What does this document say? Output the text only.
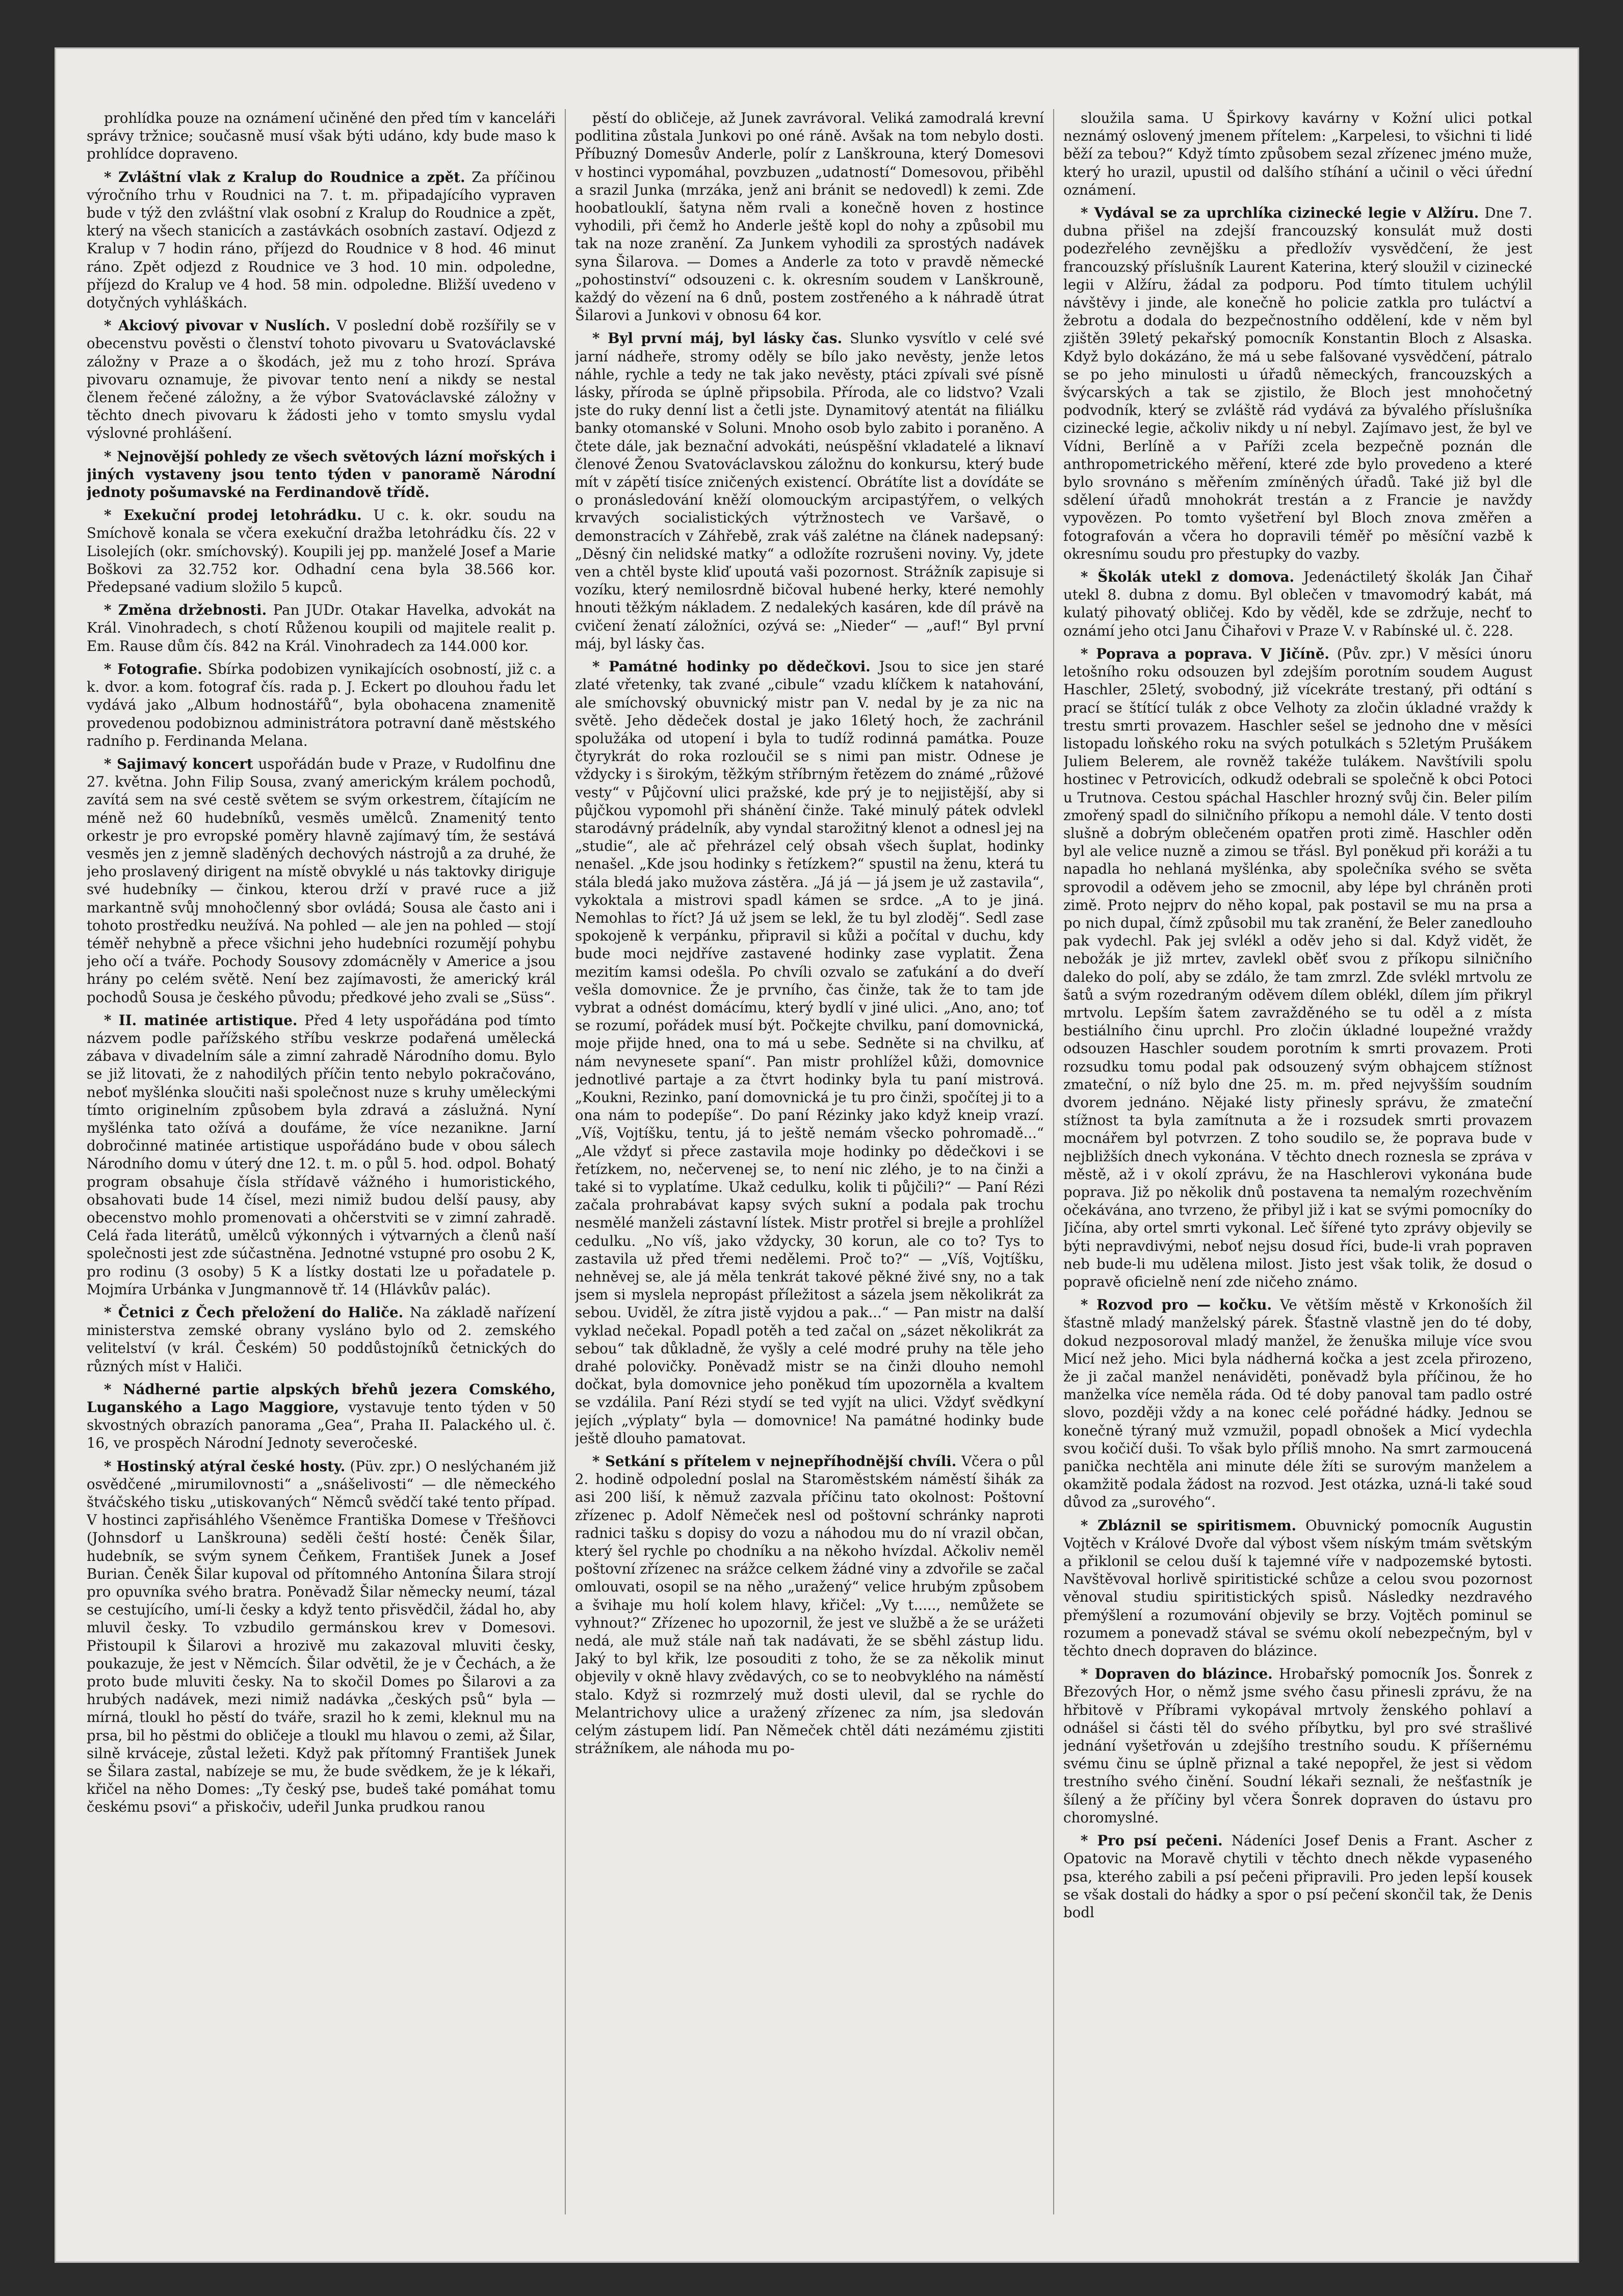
prohlídka pouze na oznámení učiněné den před tím v kanceláři správy tržnice; současně musí však býti udáno, kdy bude maso k prohlídce dopraveno.

* Zvláštní vlak z Kralup do Roudnice a zpět. Za příčinou výročního trhu v Roudnici na 7. t. m. připadajícího vypraven bude v týž den zvláštní vlak osobní z Kralup do Roudnice a zpět, který na všech stanicích a zastávkách osobních zastaví. Odjezd z Kralup v 7 hodin ráno, příjezd do Roudnice v 8 hod. 46 minut ráno. Zpět odjezd z Roudnice ve 3 hod. 10 min. odpoledne, příjezd do Kralup ve 4 hod. 58 min. odpoledne. Bližší uvedeno v dotyčných vyhláškách.

* Akciový pivovar v Nuslích. V poslední době rozšířily se v obecenstvu pověsti o členství tohoto pivovaru u Svatováclavské záložny v Praze a o škodách, jež mu z toho hrozí. Správa pivovaru oznamuje, že pivovar tento není a nikdy se nestal členem řečené záložny, a že výbor Svatováclavské záložny v těchto dnech pivovaru k žádosti jeho v tomto smyslu vydal výslovné prohlášení.

* Nejnovější pohledy ze všech světových lázní mořských i jiných vystaveny jsou tento týden v panoramě Národní jednoty pošumavské na Ferdinandově třídě.

* Exekuční prodej letohrádku. U c. k. okr. soudu na Smíchově konala se včera exekuční dražba letohrádku čís. 22 v Lisolejích (okr. smíchovský). Koupili jej pp. manželé Josef a Marie Boškovi za 32.752 kor. Odhadní cena byla 38.566 kor. Předepsané vadium složilo 5 kupců.

* Změna držebnosti. Pan JUDr. Otakar Havelka, advokát na Král. Vinohradech, s chotí Růženou koupili od majitele realit p. Em. Rause dům čís. 842 na Král. Vinohradech za 144.000 kor.

* Fotografie. Sbírka podobizen vynikajících osobností, již c. a k. dvor. a kom. fotograf čís. rada p. J. Eckert po dlouhou řadu let vydává jako „Album hodnostářů“, byla obohacena znamenitě provedenou podobiznou administrátora potravní daně městského radního p. Ferdinanda Melana.

* Sajimavý koncert uspořádán bude v Praze, v Rudolfinu dne 27. května. John Filip Sousa, zvaný americkým králem pochodů, zavítá sem na své cestě světem se svým orkestrem, čítajícím ne méně než 60 hudebníků, vesměs umělců. Znamenitý tento orkestr je pro evropské poměry hlavně zajímavý tím, že sestává vesměs jen z jemně sladěných dechových nástrojů a za druhé, že jeho proslavený dirigent na místě obvyklé u nás taktovky diriguje své hudebníky — činkou, kterou drží v pravé ruce a již markantně svůj mnohočlenný sbor ovládá; Sousa ale často ani i tohoto prostředku neužívá. Na pohled — ale jen na pohled — stojí téměř nehybně a přece všichni jeho hudebníci rozumějí pohybu jeho očí a tváře. Pochody Sousovy zdomácněly v Americe a jsou hrány po celém světě. Není bez zajímavosti, že americký král pochodů Sousa je českého původu; předkové jeho zvali se „Süss“.

* II. matinée artistique. Před 4 lety uspořádána pod tímto názvem podle pařížského stříbu veskrze podařená umělecká zábava v divadelním sále a zimní zahradě Národního domu. Bylo se již litovati, že z nahodilých příčin tento nebylo pokračováno, neboť myšlénka sloučiti naši společnost nuze s kruhy uměleckými tímto originelním způsobem byla zdravá a záslužná. Nyní myšlénka tato ožívá a doufáme, že více nezanikne. Jarní dobročinné matinée artistique uspořádáno bude v obou sálech Národního domu v úterý dne 12. t. m. o půl 5. hod. odpol. Bohatý program obsahuje čísla střídavě vážného i humoristického, obsahovati bude 14 čísel, mezi nimiž budou delší pausy, aby obecenstvo mohlo promenovati a ohčerstviti se v zimní zahradě. Celá řada literátů, umělců výkonných i výtvarných a členů naší společnosti jest zde súčastněna. Jednotné vstupné pro osobu 2 K, pro rodinu (3 osoby) 5 K a lístky dostati lze u pořadatele p. Mojmíra Urbánka v Jungmannově tř. 14 (Hlávkův palác).

* Četnici z Čech přeložení do Haliče. Na základě nařízení ministerstva zemské obrany vysláno bylo od 2. zemského velitelství (v král. Českém) 50 poddůstojníků četnických do různých míst v Haliči.

* Nádherné partie alpských břehů jezera Comského, Luganského a Lago Maggiore, vystavuje tento týden v 50 skvostných obrazích panorama „Gea“, Praha II. Palackého ul. č. 16, ve prospěch Národní Jednoty severočeské.

* Hostinský atýral české hosty. (Püv. zpr.) O neslýchaném již osvědčené „mirumilovnosti“ a „snášelivosti“ — dle německého štváčského tisku „utiskovaných“ Němců svědčí také tento případ. V hostinci zapřisáhlého Všeněmce Františka Domese v Třešňovci (Johnsdorf u Lanškrouna) seděli čeští hosté: Čeněk Šilar, hudebník, se svým synem Čeňkem, František Junek a Josef Burian. Čeněk Šilar kupoval od přítomného Antonína Šilara strojí pro opuvníka svého bratra. Poněvadž Šilar německy neumí, tázal se cestujícího, umí-li česky a když tento přisvědčil, žádal ho, aby mluvil česky. To vzbudilo germánskou krev v Domesovi. Přistoupil k Šilarovi a hrozivě mu zakazoval mluviti česky, poukazuje, že jest v Němcích. Šilar odvětil, že je v Čechách, a že proto bude mluviti česky. Na to skočil Domes po Šilarovi a za hrubých nadávek, mezi nimiž nadávka „českých psů“ byla — mírná, tloukl ho pěstí do tváře, srazil ho k zemi, kleknul mu na prsa, bil ho pěstmi do obličeje a tloukl mu hlavou o zemi, až Šilar, silně krváceje, zůstal ležeti. Když pak přítomný František Junek se Šilara zastal, nabízeje se mu, že bude svědkem, že je k lékaři, křičel na něho Domes: „Ty český pse, budeš také pomáhat tomu českému psovi“ a přiskočiv, udeřil Junka prudkou ranou

pěstí do obličeje, až Junek zavrávoral. Veliká zamodralá krevní podlitina zůstala Junkovi po oné ráně. Avšak na tom nebylo dosti. Příbuzný Domesův Anderle, polír z Lanškrouna, který Domesovi v hostinci vypomáhal, povzbuzen „udatností“ Domesovou, přiběhl a srazil Junka (mrzáka, jenž ani bránit se nedovedl) k zemi. Zde hoobatlouklí, šatyna něm rvali a konečně hoven z hostince vyhodili, při čemž ho Anderle ještě kopl do nohy a způsobil mu tak na noze zranění. Za Junkem vyhodili za sprostých nadávek syna Šilarova. — Domes a Anderle za toto v pravdě německé „pohostinství“ odsouzeni c. k. okresním soudem v Lanškrouně, každý do vězení na 6 dnů, postem zostřeného a k náhradě útrat Šilarovi a Junkovi v obnosu 64 kor.

* Byl první máj, byl lásky čas. Slunko vysvítlo v celé své jarní nádheře, stromy oděly se bílo jako nevěsty, jenže letos náhle, rychle a tedy ne tak jako nevěsty, ptáci zpívali své písně lásky, příroda se úplně připsobila. Příroda, ale co lidstvo? Vzali jste do ruky denní list a četli jste. Dynamitový atentát na filiálku banky otomanské v Soluni. Mnoho osob bylo zabito i poraněno. A čtete dále, jak beznační advokáti, neúspěšní vkladatelé a liknaví členové Ženou Svatováclavskou záložnu do konkursu, který bude mít v zápětí tisíce zničených existencí. Obrátíte list a dovídáte se o pronásledování kněží olomouckým arcipastýřem, o velkých krvavých socialistických výtržnostech ve Varšavě, o demonstracích v Záhřebě, zrak váš zalétne na článek nadepsaný: „Děsný čin nelidské matky“ a odložíte rozrušeni noviny. Vy, jdete ven a chtěl byste kliď upoutá vaši pozornost. Strážník zapisuje si vozíku, který nemilosrdně bičoval hubené herky, které nemohly hnouti těžkým nákladem. Z nedalekých kasáren, kde díl právě na cvičení ženatí záložníci, ozývá se: „Nieder“ — „auf!“ Byl první máj, byl lásky čas.

* Památné hodinky po dědečkovi. Jsou to sice jen staré zlaté vřetenky, tak zvané „cibule“ vzadu klíčkem k natahování, ale smíchovský obuvnický mistr pan V. nedal by je za nic na světě. Jeho dědeček dostal je jako 16letý hoch, že zachránil spolužáka od utopení i byla to tudíž rodinná památka. Pouze čtyrykrát do roka rozloučil se s nimi pan mistr. Odnese je vždycky i s širokým, těžkým stříbrným řetězem do známé „růžové vesty“ v Půjčovní ulici pražské, kde prý je to nejjistější, aby si půjčkou vypomohl při shánění činže. Také minulý pátek odvlekl starodávný prádelník, aby vyndal starožitný klenot a odnesl jej na „studie“, ale ač přehrázel celý obsah všech šuplat, hodinky nenašel. „Kde jsou hodinky s řetízkem?“ spustil na ženu, která tu stála bledá jako mužova zástěra. „Já já — já jsem je už zastavila“, vykoktala a mistrovi spadl kámen se srdce. „A to je jiná. Nemohlas to říct? Já už jsem se lekl, že tu byl zloděj“. Sedl zase spokojeně k verpánku, připravil si kůži a počítal v duchu, kdy bude moci nejdříve zastavené hodinky zase vyplatit. Žena mezitím kamsi odešla. Po chvíli ozvalo se zaťukání a do dveří vešla domovnice. Že je prvního, čas činže, tak že to tam jde vybrat a odnést domácímu, který bydlí v jiné ulici. „Ano, ano; toť se rozumí, pořádek musí být. Počkejte chvilku, paní domovnická, moje přijde hned, ona to má u sebe. Sedněte si na chvilku, ať nám nevynesete spaní“. Pan mistr prohlížel kůži, domovnice jednotlivé partaje a za čtvrt hodinky byla tu paní mistrová. „Koukni, Rezinko, paní domovnická je tu pro činži, spočítej ji to a ona nám to podepíše“. Do paní Rézinky jako když kneip vrazí. „Víš, Vojtíšku, tentu, já to ještě nemám všecko pohromadě...“ „Ale vždyť si přece zastavila moje hodinky po dědečkovi i se řetízkem, no, nečervenej se, to není nic zlého, je to na činži a také si to vyplatíme. Ukaž cedulku, kolik ti půjčili?“ — Paní Rézi začala prohrabávat kapsy svých sukní a podala pak trochu nesmělé manželi zástavní lístek. Mistr protřel si brejle a prohlížel cedulku. „No víš, jako vždycky, 30 korun, ale co to? Tys to zastavila už před třemi nedělemi. Proč to?“ — „Víš, Vojtíšku, nehněvej se, ale já měla tenkrát takové pěkné živé sny, no a tak jsem si myslela nepropást příležitost a sázela jsem několikrát za sebou. Uviděl, že zítra jistě vyjdou a pak...“ — Pan mistr na další vyklad nečekal. Popadl potěh a ted začal on „sázet několikrát za sebou“ tak důkladně, že vyšly a celé modré pruhy na těle jeho drahé polovičky. Poněvadž mistr se na činži dlouho nemohl dočkat, byla domovnice jeho poněkud tím upozorněla a kvaltem se vzdálila. Paní Rézi stydí se ted vyjít na ulici. Vždyť svědkyní jejích „výplaty“ byla — domovnice! Na památné hodinky bude ještě dlouho pamatovat.

* Setkání s přítelem v nejnepříhodnější chvíli. Včera o půl 2. hodině odpolední poslal na Staroměstském náměstí šihák za asi 200 liší, k němuž zazvala příčinu tato okolnost: Poštovní zřízenec p. Adolf Němeček nesl od poštovní schránky naproti radnici tašku s dopisy do vozu a náhodou mu do ní vrazil občan, který šel rychle po chodníku a na někoho hvízdal. Ačkoliv neměl poštovní zřízenec na srážce celkem žádné viny a zdvořile se začal omlouvati, osopil se na něho „uražený“ velice hrubým způsobem a švihaje mu holí kolem hlavy, křičel: „Vy t....., nemůžete se vyhnout?“ Zřízenec ho upozornil, že jest ve službě a že se urážeti nedá, ale muž stále naň tak nadávati, že se sběhl zástup lidu. Jaký to byl křik, lze posouditi z toho, že se za několik minut objevily v okně hlavy zvědavých, co se to neobvyklého na náměstí stalo. Když si rozmrzelý muž dosti ulevil, dal se rychle do Melantrichovy ulice a uražený zřízenec za ním, jsa sledován celým zástupem lidí. Pan Němeček chtěl dáti nezámému zjistiti strážníkem, ale náhoda mu po-

sloužila sama. U Špirkovy kavárny v Kožní ulici potkal neznámý oslovený jmenem přítelem: „Karpelesi, to všichni ti lidé běží za tebou?“ Když tímto způsobem sezal zřízenec jméno muže, který ho urazil, upustil od dalšího stíhání a učinil o věci úřední oznámení.

* Vydával se za uprchlíka cizinecké legie v Alžíru. Dne 7. dubna přišel na zdejší francouzský konsulát muž dosti podezřelého zevnějšku a předložív vysvědčení, že jest francouzský příslušník Laurent Katerina, který sloužil v cizinecké legii v Alžíru, žádal za podporu. Pod tímto titulem uchýlil návštěvy i jinde, ale konečně ho policie zatkla pro tuláctví a žebrotu a dodala do bezpečnostního oddělení, kde v něm byl zjištěn 39letý pekařský pomocník Konstantin Bloch z Alsaska. Když bylo dokázáno, že má u sebe falšované vysvědčení, pátralo se po jeho minulosti u úřadů německých, francouzských a švýcarských a tak se zjistilo, že Bloch jest mnohočetný podvodník, který se zvláště rád vydává za bývalého příslušníka cizinecké legie, ačkoliv nikdy u ní nebyl. Zajímavo jest, že byl ve Vídni, Berlíně a v Paříži zcela bezpečně poznán dle anthropometrického měření, které zde bylo provedeno a které bylo srovnáno s měřením zmíněných úřadů. Také již byl dle sdělení úřadů mnohokrát trestán a z Francie je navždy vypovězen. Po tomto vyšetření byl Bloch znova změřen a fotografován a včera ho dopravili téměř po měsíční vazbě k okresnímu soudu pro přestupky do vazby.

* Školák utekl z domova. Jedenáctiletý školák Jan Čihař utekl 8. dubna z domu. Byl oblečen v tmavomodrý kabát, má kulatý pihovatý obličej. Kdo by věděl, kde se zdržuje, nechť to oznámí jeho otci Janu Čihařovi v Praze V. v Rabínské ul. č. 228.

* Poprava a poprava. V Jičíně. (Pův. zpr.) V měsíci únoru letošního roku odsouzen byl zdejším porotním soudem August Haschler, 25letý, svobodný, již vícekráte trestaný, při odtání s prací se štítící tulák z obce Velhoty za zločin úkladné vraždy k trestu smrti provazem. Haschler sešel se jednoho dne v měsíci listopadu loňského roku na svých potulkách s 52letým Prušákem Juliem Belerem, ale rovněž takéže tulákem. Navštívili spolu hostinec v Petrovicích, odkudž odebrali se společně k obci Potoci u Trutnova. Cestou spáchal Haschler hrozný svůj čin. Beler pilím zmořený spadl do silničního příkopu a nemohl dále. V tento dosti slušně a dobrým oblečeném opatřen proti zimě. Haschler oděn byl ale velice nuzně a zimou se třásl. Byl poněkud při koráži a tu napadla ho nehlaná myšlénka, aby společníka svého se světa sprovodil a oděvem jeho se zmocnil, aby lépe byl chráněn proti zimě. Proto nejprv do něho kopal, pak postavil se mu na prsa a po nich dupal, čímž způsobil mu tak zranění, že Beler zanedlouho pak vydechl. Pak jej svlékl a oděv jeho si dal. Když vidět, že nebožák je již mrtev, zavlekl oběť svou z příkopu silničního daleko do polí, aby se zdálo, že tam zmrzl. Zde svlékl mrtvolu ze šatů a svým rozedraným oděvem dílem oblékl, dílem jím přikryl mrtvolu. Lepším šatem zavražděného se tu oděl a z místa bestiálního činu uprchl. Pro zločin úkladné loupežné vraždy odsouzen Haschler soudem porotním k smrti provazem. Proti rozsudku tomu podal pak odsouzený svým obhajcem stížnost zmateční, o níž bylo dne 25. m. m. před nejvyšším soudním dvorem jednáno. Nějaké listy přinesly správu, že zmateční stížnost ta byla zamítnuta a že i rozsudek smrti provazem mocnářem byl potvrzen. Z toho soudilo se, že poprava bude v nejbližších dnech vykonána. V těchto dnech roznesla se zpráva v městě, až i v okolí zprávu, že na Haschlerovi vykonána bude poprava. Již po několik dnů postavena ta nemalým rozechvěním očekávána, ano tvrzeno, že přibyl již i kat se svými pomocníky do Jičína, aby ortel smrti vykonal. Leč šířené tyto zprávy objevily se býti nepravdivými, neboť nejsu dosud říci, bude-li vrah popraven neb bude-li mu udělena milost. Jisto jest však tolik, že dosud o popravě oficielně není zde ničeho známo.

* Rozvod pro — kočku. Ve větším městě v Krkonoších žil šťastně mladý manželský párek. Šťastně vlastně jen do té doby, dokud nezposoroval mladý manžel, že ženuška miluje více svou Micí než jeho. Mici byla nádherná kočka a jest zcela přirozeno, že ji začal manžel nenáviděti, poněvadž byla příčinou, že ho manželka více neměla ráda. Od té doby panoval tam padlo ostré slovo, později vždy a na konec celé pořádné hádky. Jednou se konečně týraný muž vzmužil, popadl obnošek a Micí vydechla svou kočičí duši. To však bylo příliš mnoho. Na smrt zarmoucená panička nechtěla ani minute déle žíti se surovým manželem a okamžitě podala žádost na rozvod. Jest otázka, uzná-li také soud důvod za „surového“.

* Zbláznil se spiritismem. Obuvnický pomocník Augustin Vojtěch v Králové Dvoře dal výbost všem níským tmám světským a přiklonil se celou duší k tajemné víře v nadpozemské bytosti. Navštěvoval horlivě spiritistické schůze a celou svou pozornost věnoval studiu spiritistických spisů. Následky nezdravého přemýšlení a rozumování objevily se brzy. Vojtěch pominul se rozumem a ponevadž stával se svému okolí nebezpečným, byl v těchto dnech dopraven do blázince.

* Dopraven do blázince. Hrobařský pomocník Jos. Šonrek z Březových Hor, o němž jsme svého času přinesli zprávu, že na hřbitově v Příbrami vykopával mrtvoly ženského pohlaví a odnášel si části těl do svého příbytku, byl pro své strašlivé jednání vyšetřován u zdejšího trestního soudu. K příšernému svému činu se úplně přiznal a také nepopřel, že jest si vědom trestního svého činění. Soudní lékaři seznali, že nešťastník je šílený a že příčiny byl včera Šonrek dopraven do ústavu pro choromyslné.

* Pro psí pečeni. Nádeníci Josef Denis a Frant. Ascher z Opatovic na Moravě chytili v těchto dnech někde vypaseného psa, kterého zabili a psí pečeni připravili. Pro jeden lepší kousek se však dostali do hádky a spor o psí pečení skončil tak, že Denis bodl
